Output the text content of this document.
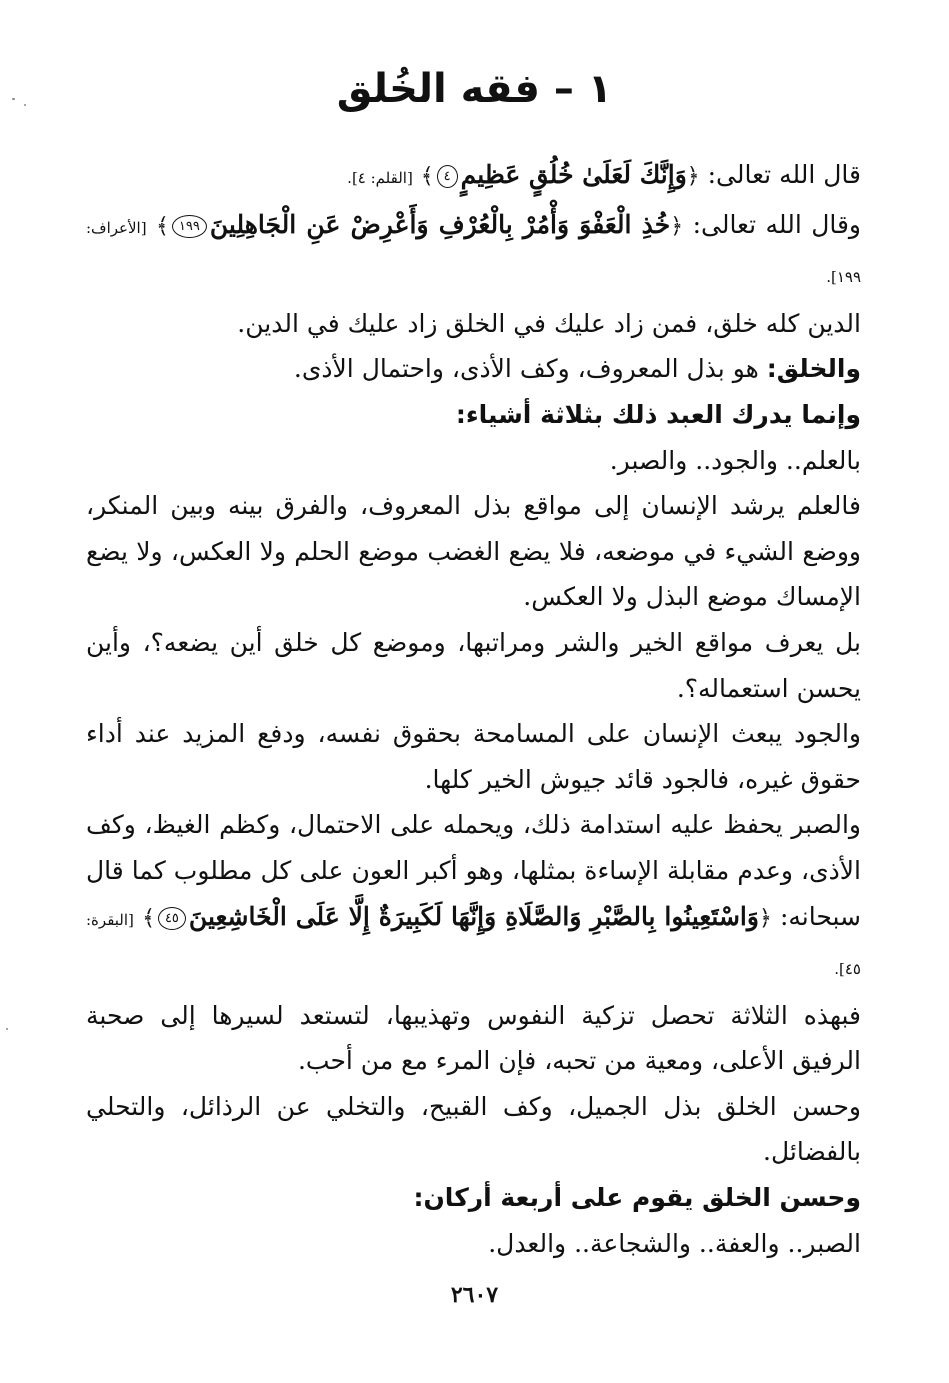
١ – فقه الخُلق

قال الله تعالى: ﴿وَإِنَّكَ لَعَلَىٰ خُلُقٍ عَظِيمٍ٤﴾ [القلم: ٤].

وقال الله تعالى: ﴿خُذِ الْعَفْوَ وَأْمُرْ بِالْعُرْفِ وَأَعْرِضْ عَنِ الْجَاهِلِينَ١٩٩﴾ [الأعراف: ١٩٩].

الدين كله خلق، فمن زاد عليك في الخلق زاد عليك في الدين.

والخلق: هو بذل المعروف، وكف الأذى، واحتمال الأذى.

وإنما يدرك العبد ذلك بثلاثة أشياء:

بالعلم.. والجود.. والصبر.

فالعلم يرشد الإنسان إلى مواقع بذل المعروف، والفرق بينه وبين المنكر، ووضع الشيء في موضعه، فلا يضع الغضب موضع الحلم ولا العكس، ولا يضع الإمساك موضع البذل ولا العكس.

بل يعرف مواقع الخير والشر ومراتبها، وموضع كل خلق أين يضعه؟، وأين يحسن استعماله؟.

والجود يبعث الإنسان على المسامحة بحقوق نفسه، ودفع المزيد عند أداء حقوق غيره، فالجود قائد جيوش الخير كلها.

والصبر يحفظ عليه استدامة ذلك، ويحمله على الاحتمال، وكظم الغيظ، وكف الأذى، وعدم مقابلة الإساءة بمثلها، وهو أكبر العون على كل مطلوب كما قال سبحانه: ﴿وَاسْتَعِينُوا بِالصَّبْرِ وَالصَّلَاةِ وَإِنَّهَا لَكَبِيرَةٌ إِلَّا عَلَى الْخَاشِعِينَ٤٥﴾ [البقرة: ٤٥].

فبهذه الثلاثة تحصل تزكية النفوس وتهذيبها، لتستعد لسيرها إلى صحبة الرفيق الأعلى، ومعية من تحبه، فإن المرء مع من أحب.

وحسن الخلق بذل الجميل، وكف القبيح، والتخلي عن الرذائل، والتحلي بالفضائل.

وحسن الخلق يقوم على أربعة أركان:

الصبر.. والعفة.. والشجاعة.. والعدل.

٢٦٠٧
